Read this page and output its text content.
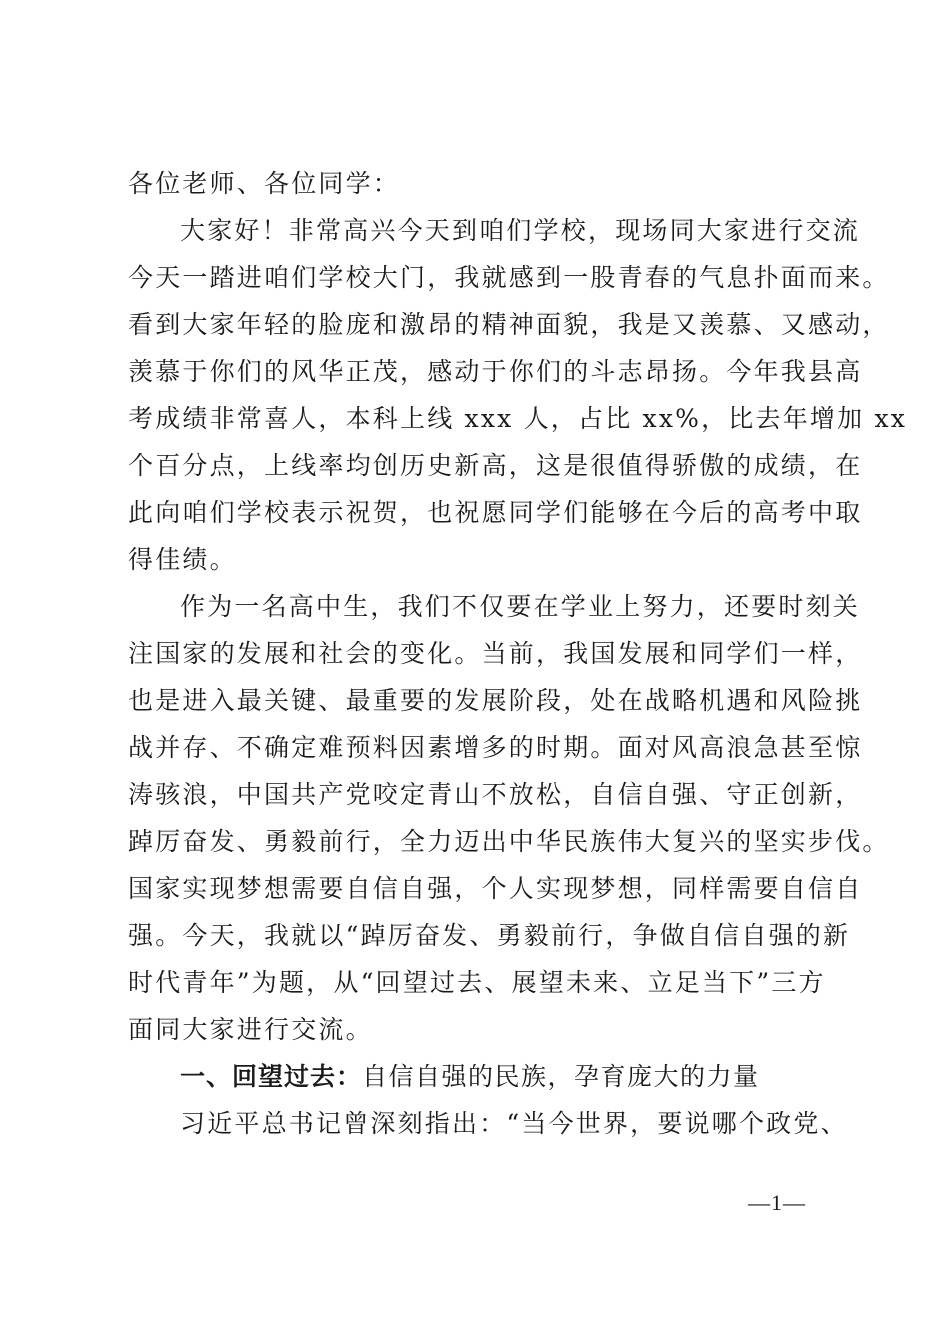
各位老师、各位同学：
大家好！非常高兴今天到咱们学校，现场同大家进行交流
今天一踏进咱们学校大门，我就感到一股青春的气息扑面而来。
看到大家年轻的脸庞和激昂的精神面貌，我是又羡慕、又感动，
羡慕于你们的风华正茂，感动于你们的斗志昂扬。今年我县高
考成绩非常喜人，本科上线 xxx 人，占比 xx%，比去年增加 xx
个百分点，上线率均创历史新高，这是很值得骄傲的成绩，在
此向咱们学校表示祝贺，也祝愿同学们能够在今后的高考中取
得佳绩。
作为一名高中生，我们不仅要在学业上努力，还要时刻关
注国家的发展和社会的变化。当前，我国发展和同学们一样，
也是进入最关键、最重要的发展阶段，处在战略机遇和风险挑
战并存、不确定难预料因素增多的时期。面对风高浪急甚至惊
涛骇浪，中国共产党咬定青山不放松，自信自强、守正创新，
踔厉奋发、勇毅前行，全力迈出中华民族伟大复兴的坚实步伐。
国家实现梦想需要自信自强，个人实现梦想，同样需要自信自
强。今天，我就以“踔厉奋发、勇毅前行，争做自信自强的新
时代青年”为题，从“回望过去、展望未来、立足当下”三方
面同大家进行交流。
一、回望过去：自信自强的民族，孕育庞大的力量
习近平总书记曾深刻指出：“当今世界，要说哪个政党、
—1—
